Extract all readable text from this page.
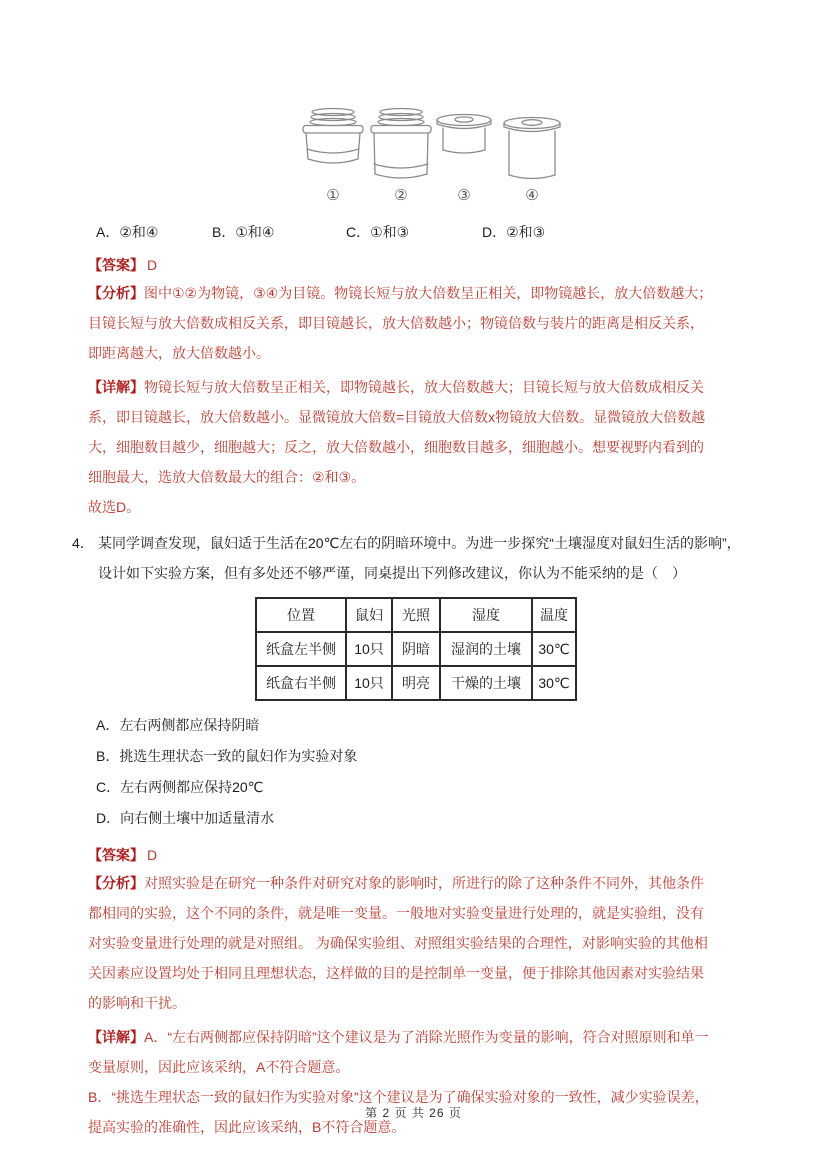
①	②	③	④
A．②和④	B．①和④	C．①和③	D．②和③
【答案】 D
【分析】图中①②为物镜，③④为目镜。物镜长短与放大倍数呈正相关，即物镜越长，放大倍数越大；
目镜长短与放大倍数成相反关系，即目镜越长，放大倍数越小；物镜倍数与装片的距离是相反关系，
即距离越大，放大倍数越小。
【详解】物镜长短与放大倍数呈正相关，即物镜越长，放大倍数越大；目镜长短与放大倍数成相反关
系，即目镜越长，放大倍数越小。显微镜放大倍数=目镜放大倍数x物镜放大倍数。显微镜放大倍数越
大，细胞数目越少，细胞越大；反之，放大倍数越小，细胞数目越多，细胞越小。想要视野内看到的
细胞最大，选放大倍数最大的组合：②和③。
故选D。
4． 某同学调查发现，鼠妇适于生活在20℃左右的阴暗环境中。为进一步探究“土壤湿度对鼠妇生活的影响”，
设计如下实验方案，但有多处还不够严谨，同桌提出下列修改建议，你认为不能采纳的是（　）
位置	鼠妇	光照	湿度	温度
纸盒左半侧	10只	阴暗	湿润的土壤	30℃
纸盒右半侧	10只	明亮	干燥的土壤	30℃
A．左右两侧都应保持阴暗
B．挑选生理状态一致的鼠妇作为实验对象
C．左右两侧都应保持20℃
D．向右侧土壤中加适量清水
【答案】 D
【分析】对照实验是在研究一种条件对研究对象的影响时，所进行的除了这种条件不同外，其他条件
都相同的实验，这个不同的条件，就是唯一变量。一般地对实验变量进行处理的，就是实验组，没有
对实验变量进行处理的就是对照组。 为确保实验组、对照组实验结果的合理性，对影响实验的其他相
关因素应设置均处于相同且理想状态，这样做的目的是控制单一变量，便于排除其他因素对实验结果
的影响和干扰。
【详解】A．“左右两侧都应保持阴暗”这个建议是为了消除光照作为变量的影响，符合对照原则和单一
变量原则，因此应该采纳，A不符合题意。
B．“挑选生理状态一致的鼠妇作为实验对象”这个建议是为了确保实验对象的一致性，减少实验误差，
提高实验的准确性，因此应该采纳，B不符合题意。
第 2 页 共 26 页
